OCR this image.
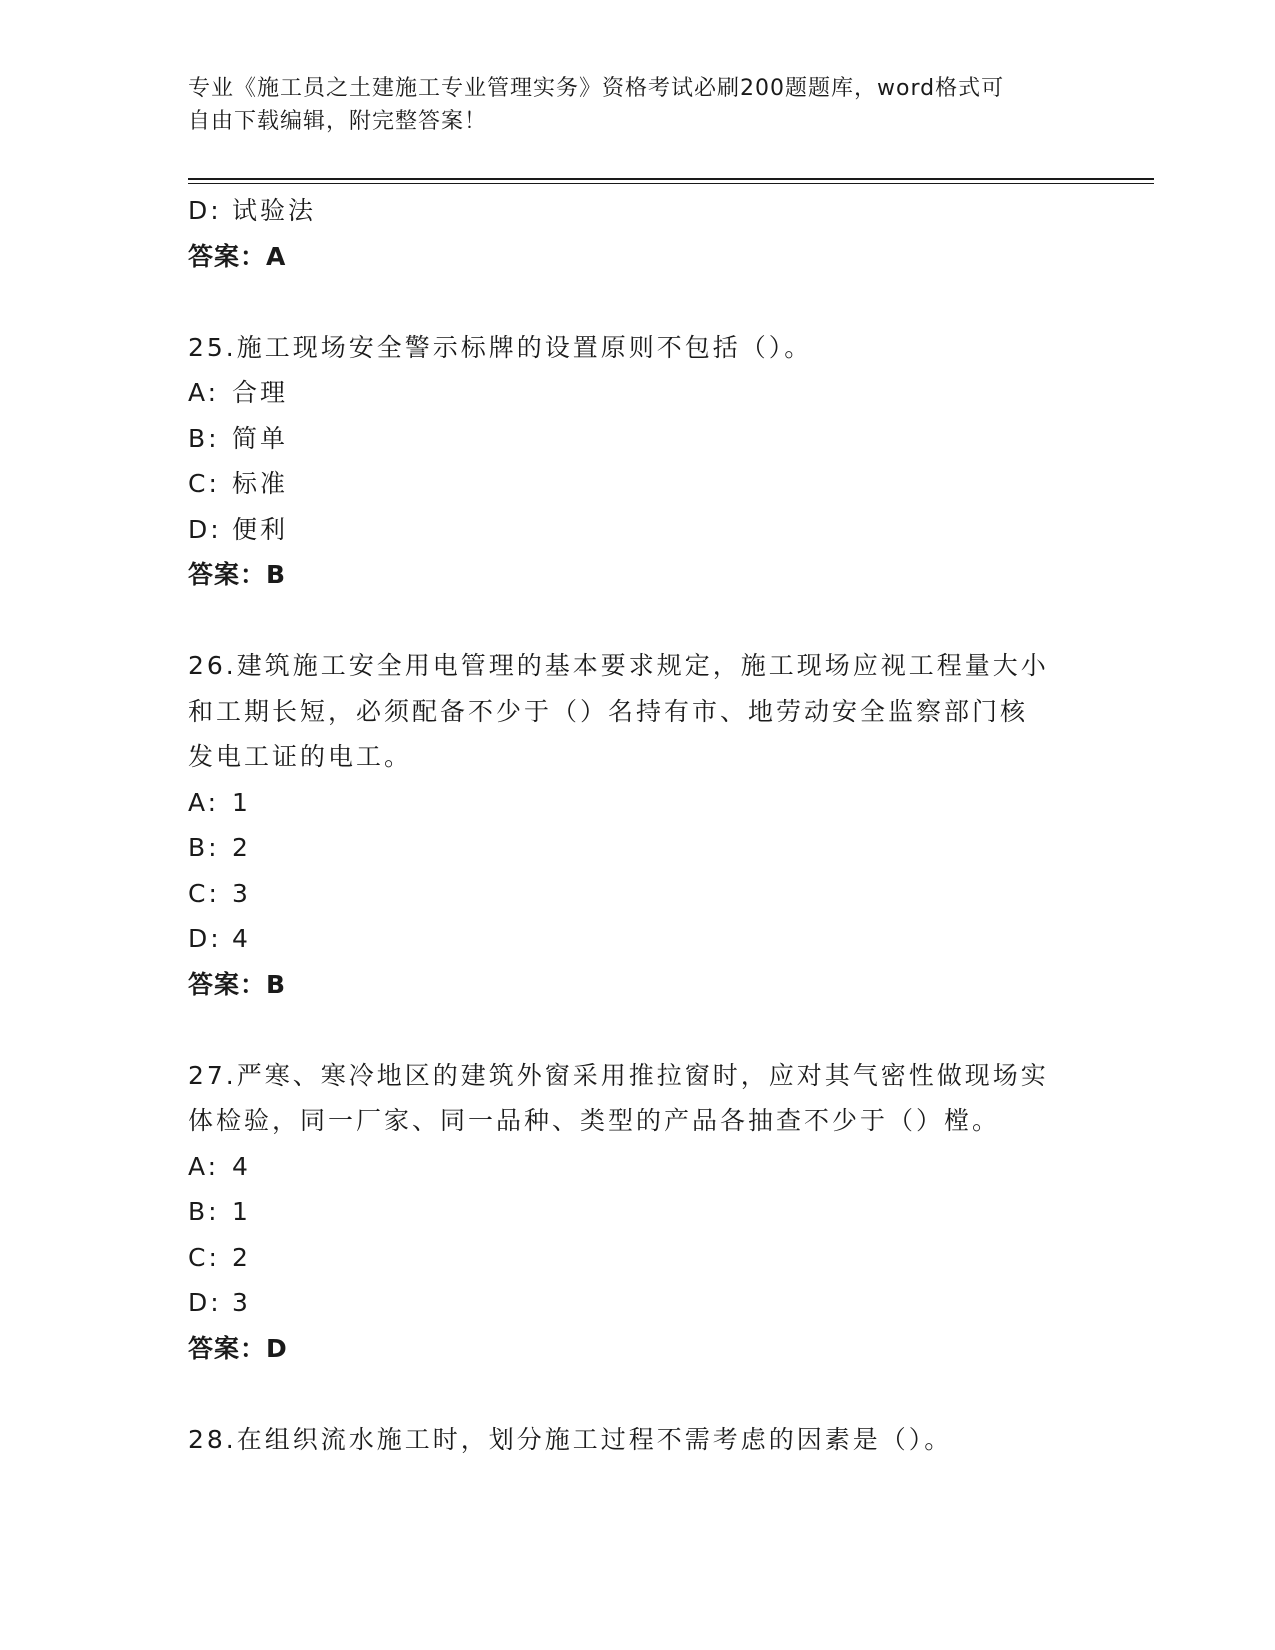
专业《施工员之土建施工专业管理实务》资格考试必刷200题题库，word格式可
自由下载编辑，附完整答案！
D: 试验法
答案：A
25.施工现场安全警示标牌的设置原则不包括（）。
A: 合理
B: 简单
C: 标准
D: 便利
答案：B
26.建筑施工安全用电管理的基本要求规定，施工现场应视工程量大小
和工期长短，必须配备不少于（）名持有市、地劳动安全监察部门核
发电工证的电工。
A: 1
B: 2
C: 3
D: 4
答案：B
27.严寒、寒冷地区的建筑外窗采用推拉窗时，应对其气密性做现场实
体检验，同一厂家、同一品种、类型的产品各抽查不少于（）樘。
A: 4
B: 1
C: 2
D: 3
答案：D
28.在组织流水施工时，划分施工过程不需考虑的因素是（）。
